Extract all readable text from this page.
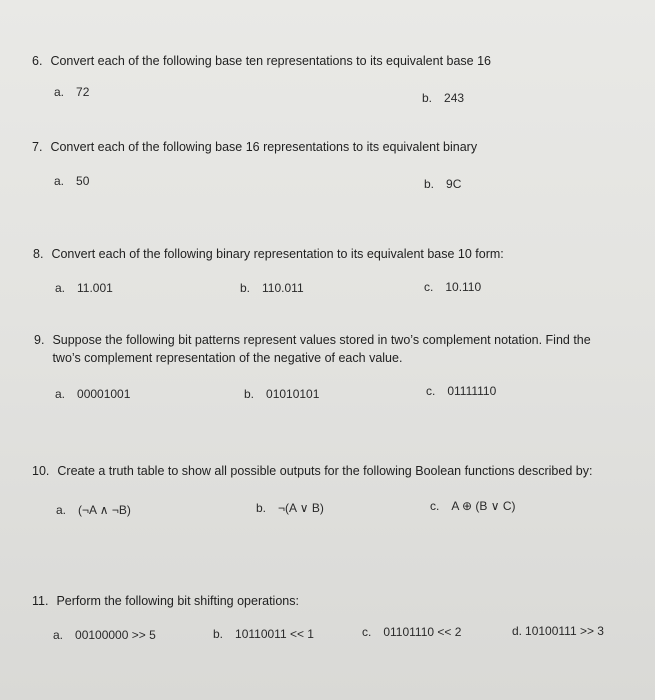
6. Convert each of the following base ten representations to its equivalent base 16
a. 72	b. 243
7. Convert each of the following base 16 representations to its equivalent binary
a. 50	b. 9C
8. Convert each of the following binary representation to its equivalent base 10 form:
a. 11.001	b. 110.011	c. 10.110
9. Suppose the following bit patterns represent values stored in two’s complement notation. Find the two’s complement representation of the negative of each value.
a. 00001001	b. 01010101	c. 01111110
10. Create a truth table to show all possible outputs for the following Boolean functions described by:
a. (¬A ∧ ¬B)	b. ¬(A ∨ B)	c. A ⊕ (B ∨ C)
11. Perform the following bit shifting operations:
a. 00100000 >> 5	b. 10110011 << 1	c. 01101110 << 2	d. 10100111 >> 3
